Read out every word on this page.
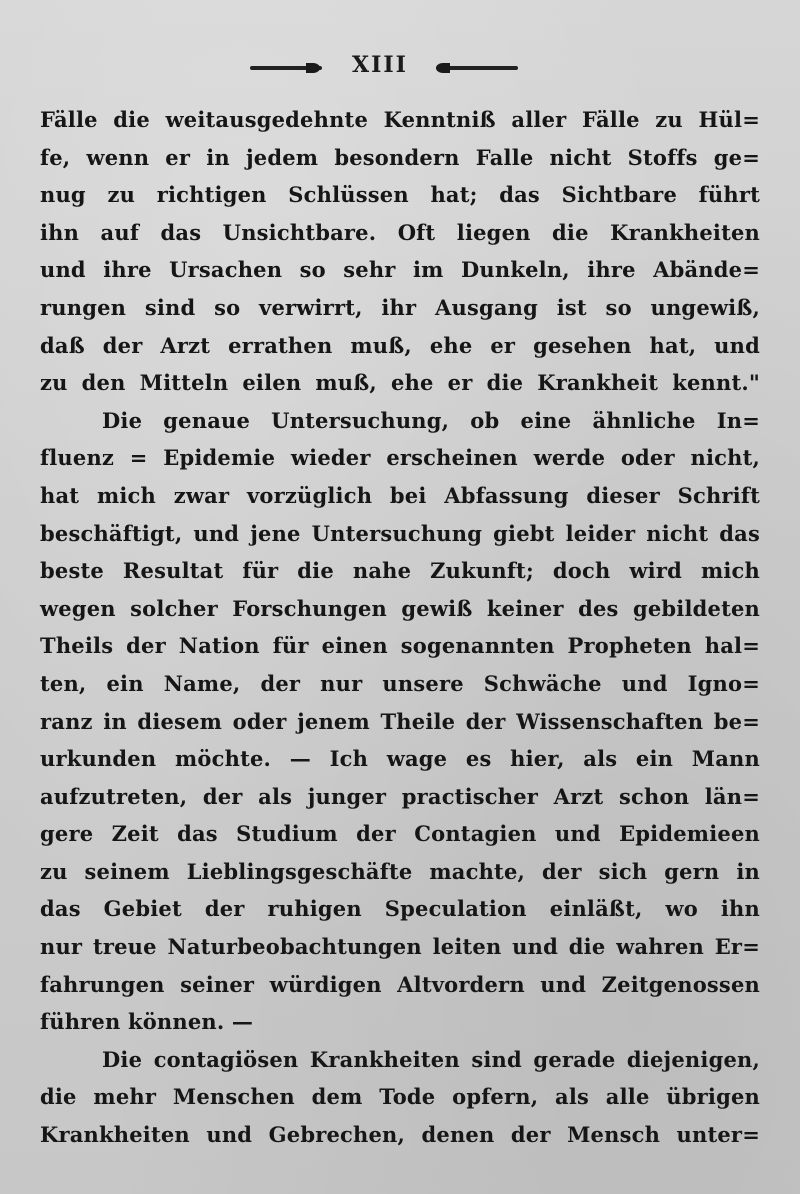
XIII
Fälle die weitausgedehnte Kenntniß aller Fälle zu Hül=
fe, wenn er in jedem besondern Falle nicht Stoffs ge=
nug zu richtigen Schlüssen hat; das Sichtbare führt
ihn auf das Unsichtbare. Oft liegen die Krankheiten
und ihre Ursachen so sehr im Dunkeln, ihre Abände=
rungen sind so verwirrt, ihr Ausgang ist so ungewiß,
daß der Arzt errathen muß, ehe er gesehen hat, und
zu den Mitteln eilen muß, ehe er die Krankheit kennt."
Die genaue Untersuchung, ob eine ähnliche In=
fluenz = Epidemie wieder erscheinen werde oder nicht,
hat mich zwar vorzüglich bei Abfassung dieser Schrift
beschäftigt, und jene Untersuchung giebt leider nicht das
beste Resultat für die nahe Zukunft; doch wird mich
wegen solcher Forschungen gewiß keiner des gebildeten
Theils der Nation für einen sogenannten Propheten hal=
ten, ein Name, der nur unsere Schwäche und Igno=
ranz in diesem oder jenem Theile der Wissenschaften be=
urkunden möchte. — Ich wage es hier, als ein Mann
aufzutreten, der als junger practischer Arzt schon län=
gere Zeit das Studium der Contagien und Epidemieen
zu seinem Lieblingsgeschäfte machte, der sich gern in
das Gebiet der ruhigen Speculation einläßt, wo ihn
nur treue Naturbeobachtungen leiten und die wahren Er=
fahrungen seiner würdigen Altvordern und Zeitgenossen
führen können. —
Die contagiösen Krankheiten sind gerade diejenigen,
die mehr Menschen dem Tode opfern, als alle übrigen
Krankheiten und Gebrechen, denen der Mensch unter=
